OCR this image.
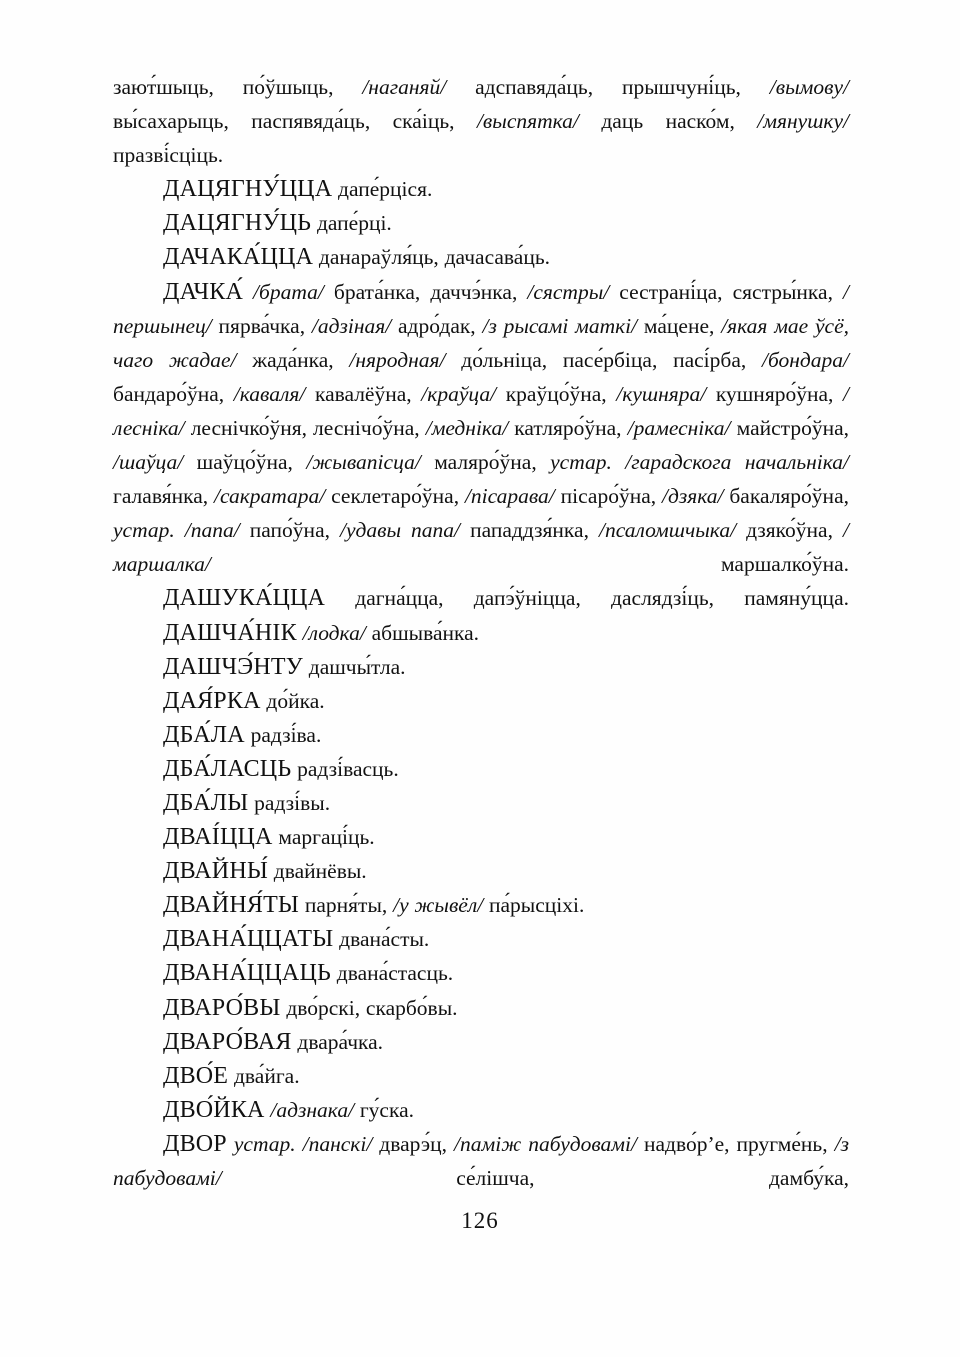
зают́шыць, по́ўшыць, /наганяй/ адспавяда́ць, прышчуні́ць, /вымову/ вы́сахарыць, паспявяда́ць, ска́іць, /выспятка/ даць наско́м, /мянушку/ празві́сціць.

ДАЦЯГНУ́ЦЦА дапе́рціся.

ДАЦЯГНУ́ЦЬ дапе́рці.

ДАЧАКА́ЦЦА данараўля́ць, дачасава́ць.

ДАЧКА́ /брата/ брата́нка, даччэ́нка, /сястры/ сестрані́ца, сястры́нка, /першынец/ пярва́чка, /адзінaя/ адро́дак, /з рысамі маткі/ ма́цене, /якая мае ўсё, чаго жадае/ жада́нка, /няродная/ до́льніца, пасе́рбіца, пасі́рба, /бондара/ бандаро́ўна, /каваля/ кавалёўна, /краўца/ краўцо́ўна, /кушняра/ кушняро́ўна, /лесніка/ леснічко́ўня, леснічо́ўна, /медніка/ катляро́ўна, /рамесніка/ майстро́ўна, /шаўца/ шаўцо́ўна, /жывапісца/ маляро́ўна, устар. /гарадскога начальніка/ галавя́нка, /сакратара/ секлетаро́ўна, /пісарава/ пісаро́ўна, /дзяка/ бакаляро́ўна, устар. /папа/ папо́ўна, /удавы папа/ пападдзя́нка, /псаломшчыка/ дзяко́ўна, /маршалка/ маршалко́ўна.

ДАШУКА́ЦЦА дагна́цца, дапэ́ўніцца, даслядзі́ць, памяну́цца.

ДАШЧА́НІК /лодка/ абшыва́нка.

ДАШЧЭ́НТУ дашчы́тла.

ДАЯ́РКА до́йка.

ДБА́ЛА радзі́ва.

ДБА́ЛАСЦЬ радзі́васць.

ДБА́ЛЫ радзі́вы.

ДВАІ́ЦЦА маргаці́ць.

ДВАЙНЫ́ двайнёвы.

ДВАЙНЯ́ТЫ парня́ты, /у жывёл/ па́рысціхі.

ДВАНА́ЦЦАТЫ двана́сты.

ДВАНА́ЦЦАЦЬ двана́стасць.

ДВАРО́ВЫ дво́рскі, скарбо́вы.

ДВАРО́ВАЯ двара́чка.

ДВО́Е два́йга.

ДВО́ЙКА /адзнака/ гу́ска.

ДВОР устар. /панскі/ дварэ́ц, /паміж пабудовамі/ надво́р’е, пругме́нь, /з пабудовамі/ се́лішча, дамбу́ка,

126
